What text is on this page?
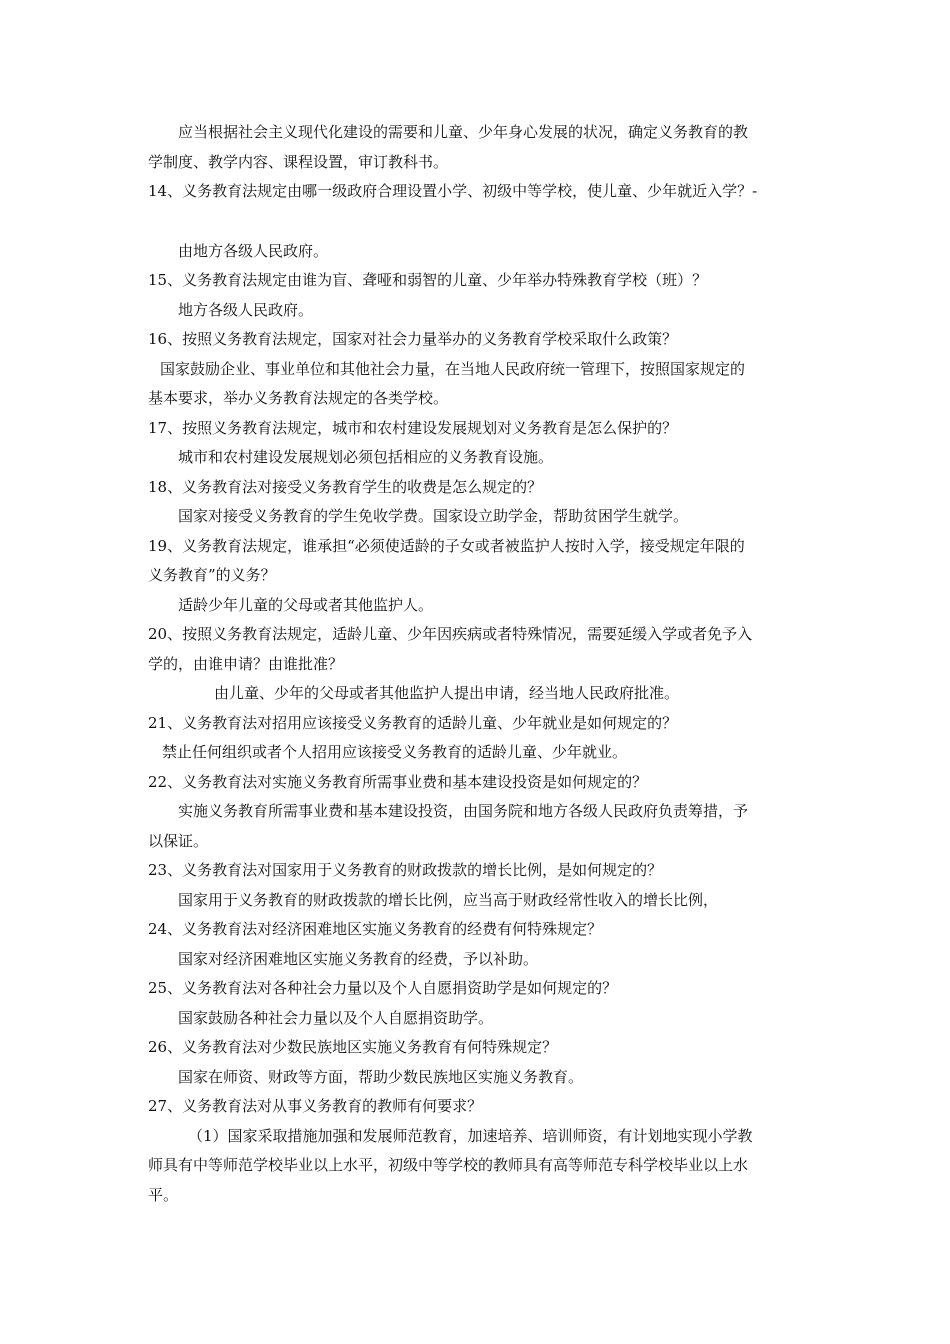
应当根据社会主义现代化建设的需要和儿童、少年身心发展的状况，确定义务教育的教

学制度、教学内容、课程设置，审订教科书。

14、义务教育法规定由哪一级政府合理设置小学、初级中等学校，使儿童、少年就近入学？-

由地方各级人民政府。

15、义务教育法规定由谁为盲、聋哑和弱智的儿童、少年举办特殊教育学校（班）？

地方各级人民政府。

16、按照义务教育法规定，国家对社会力量举办的义务教育学校采取什么政策？

国家鼓励企业、事业单位和其他社会力量，在当地人民政府统一管理下，按照国家规定的

基本要求，举办义务教育法规定的各类学校。

17、按照义务教育法规定，城市和农村建设发展规划对义务教育是怎么保护的？

城市和农村建设发展规划必须包括相应的义务教育设施。

18、义务教育法对接受义务教育学生的收费是怎么规定的？

国家对接受义务教育的学生免收学费。国家设立助学金，帮助贫困学生就学。

19、义务教育法规定，谁承担“必须使适龄的子女或者被监护人按时入学，接受规定年限的

义务教育”的义务？

适龄少年儿童的父母或者其他监护人。

20、按照义务教育法规定，适龄儿童、少年因疾病或者特殊情况，需要延缓入学或者免予入

学的，由谁申请？由谁批准？

由儿童、少年的父母或者其他监护人提出申请，经当地人民政府批准。

21、义务教育法对招用应该接受义务教育的适龄儿童、少年就业是如何规定的？

禁止任何组织或者个人招用应该接受义务教育的适龄儿童、少年就业。

22、义务教育法对实施义务教育所需事业费和基本建设投资是如何规定的？

实施义务教育所需事业费和基本建设投资，由国务院和地方各级人民政府负责筹措，予

以保证。

23、义务教育法对国家用于义务教育的财政拨款的增长比例，是如何规定的？

国家用于义务教育的财政拨款的增长比例，应当高于财政经常性收入的增长比例，

24、义务教育法对经济困难地区实施义务教育的经费有何特殊规定？

国家对经济困难地区实施义务教育的经费，予以补助。

25、义务教育法对各种社会力量以及个人自愿捐资助学是如何规定的？

国家鼓励各种社会力量以及个人自愿捐资助学。

26、义务教育法对少数民族地区实施义务教育有何特殊规定？

国家在师资、财政等方面，帮助少数民族地区实施义务教育。

27、义务教育法对从事义务教育的教师有何要求？

（1）国家采取措施加强和发展师范教育，加速培养、培训师资，有计划地实现小学教

师具有中等师范学校毕业以上水平，初级中等学校的教师具有高等师范专科学校毕业以上水

平。
